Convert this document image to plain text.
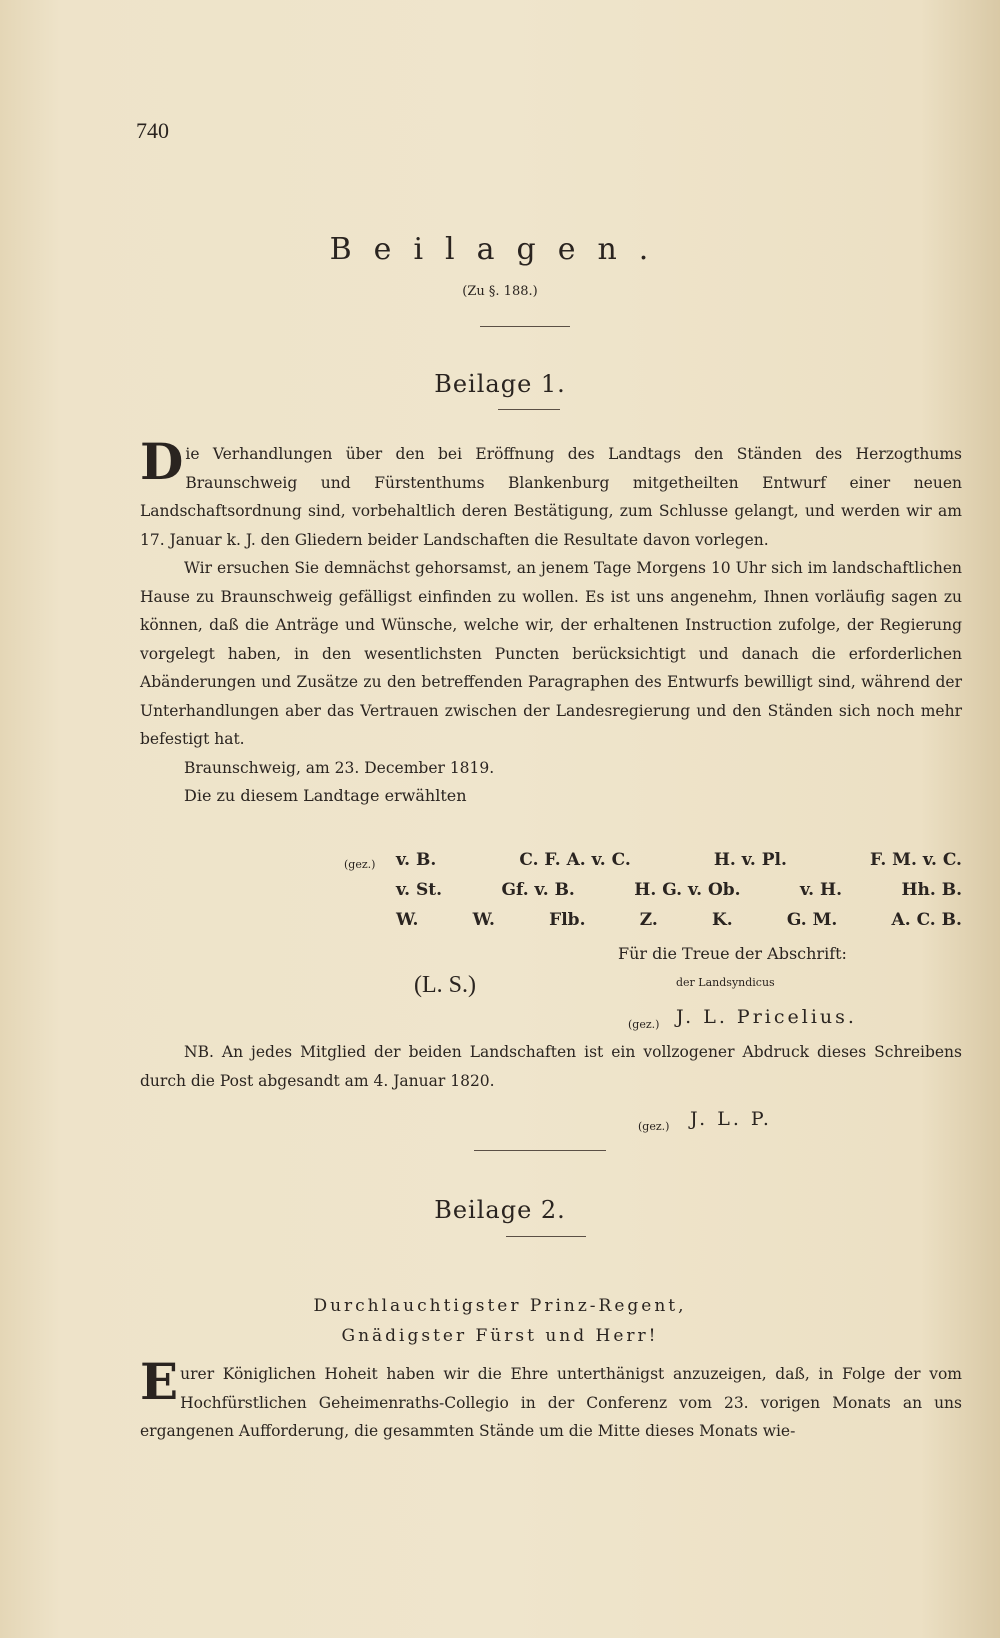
740
Beilagen.
(Zu §. 188.)
Beilage 1.

Die Verhandlungen über den bei Eröffnung des Landtags den Ständen des Herzogthums Braunschweig und Fürstenthums Blankenburg mitgetheilten Entwurf einer neuen Landschaftsordnung sind, vorbehaltlich deren Bestätigung, zum Schlusse gelangt, und werden wir am 17. Januar k. J. den Gliedern beider Landschaften die Resultate davon vorlegen.

Wir ersuchen Sie demnächst gehorsamst, an jenem Tage Morgens 10 Uhr sich im landschaftlichen Hause zu Braunschweig gefälligst einfinden zu wollen. Es ist uns angenehm, Ihnen vorläufig sagen zu können, daß die Anträge und Wünsche, welche wir, der erhaltenen Instruction zufolge, der Regierung vorgelegt haben, in den wesentlichsten Puncten berücksichtigt und danach die erforderlichen Abänderungen und Zusätze zu den betreffenden Paragraphen des Entwurfs bewilligt sind, während der Unterhandlungen aber das Vertrauen zwischen der Landesregierung und den Ständen sich noch mehr befestigt hat.

Braunschweig, am 23. December 1819.

Die zu diesem Landtage erwählten
(gez.) v. B.	C. F. A. v. C.	H. v. Pl.	F. M. v. C.
v. St.	Gf. v. B.	H. G. v. Ob.	v. H.	Hh. B.
W.	W.	Flb.	Z.	K.	G. M.	A. C. B.
Für die Treue der Abschrift:
(L. S.)	der Landsyndicus
(gez.) J. L. Pricelius.

NB. An jedes Mitglied der beiden Landschaften ist ein vollzogener Abdruck dieses Schreibens durch die Post abgesandt am 4. Januar 1820.

(gez.) J. L. P.
Beilage 2.
Durchlauchtigster Prinz-Regent,
Gnädigster Fürst und Herr!

Eurer Königlichen Hoheit haben wir die Ehre unterthänigst anzuzeigen, daß, in Folge der vom Hochfürstlichen Geheimenraths-Collegio in der Conferenz vom 23. vorigen Monats an uns ergangenen Aufforderung, die gesammten Stände um die Mitte dieses Monats wie-
